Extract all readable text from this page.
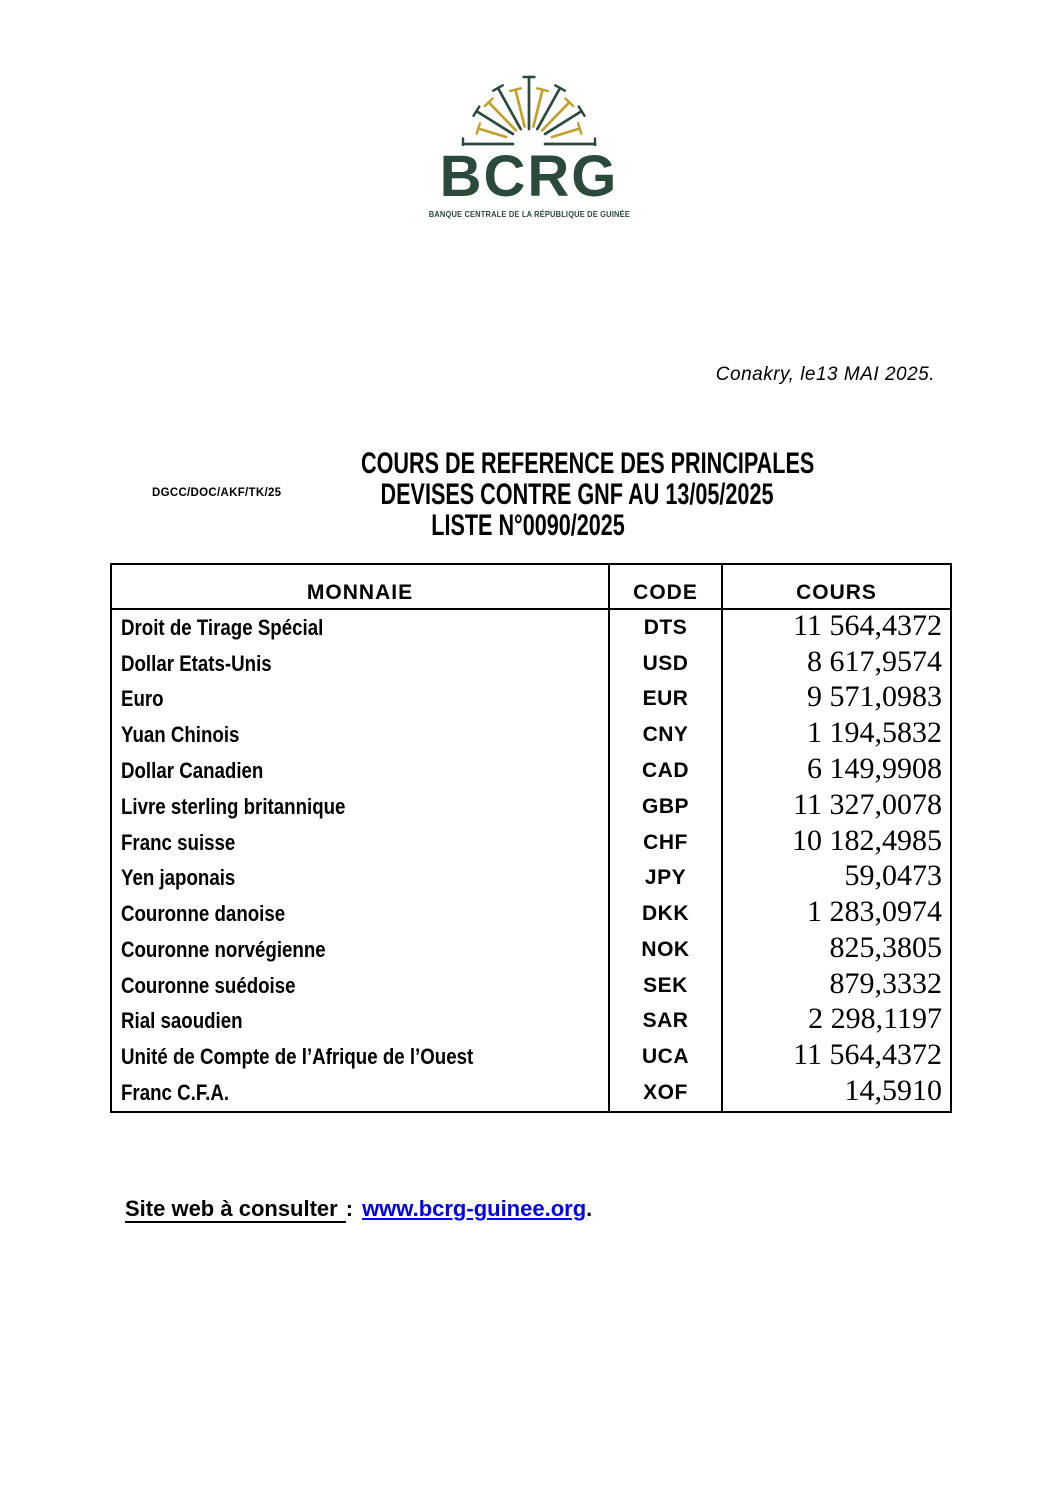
BCRG
BANQUE CENTRALE DE LA RÉPUBLIQUE DE GUINÉE
Conakry, le13 MAI 2025.
DGCC/DOC/AKF/TK/25
COURS DE REFERENCE DES PRINCIPALES
DEVISES CONTRE GNF AU 13/05/2025
LISTE N°0090/2025
MONNAIE	CODE	COURS
Droit de Tirage Spécial	DTS	11 564,4372
Dollar Etats-Unis	USD	8 617,9574
Euro	EUR	9 571,0983
Yuan Chinois	CNY	1 194,5832
Dollar Canadien	CAD	6 149,9908
Livre sterling britannique	GBP	11 327,0078
Franc suisse	CHF	10 182,4985
Yen japonais	JPY	59,0473
Couronne danoise	DKK	1 283,0974
Couronne norvégienne	NOK	825,3805
Couronne suédoise	SEK	879,3332
Rial saoudien	SAR	2 298,1197
Unité de Compte de l’Afrique de l’Ouest	UCA	11 564,4372
Franc C.F.A.	XOF	14,5910
Site web à consulter : www.bcrg-guinee.org.
